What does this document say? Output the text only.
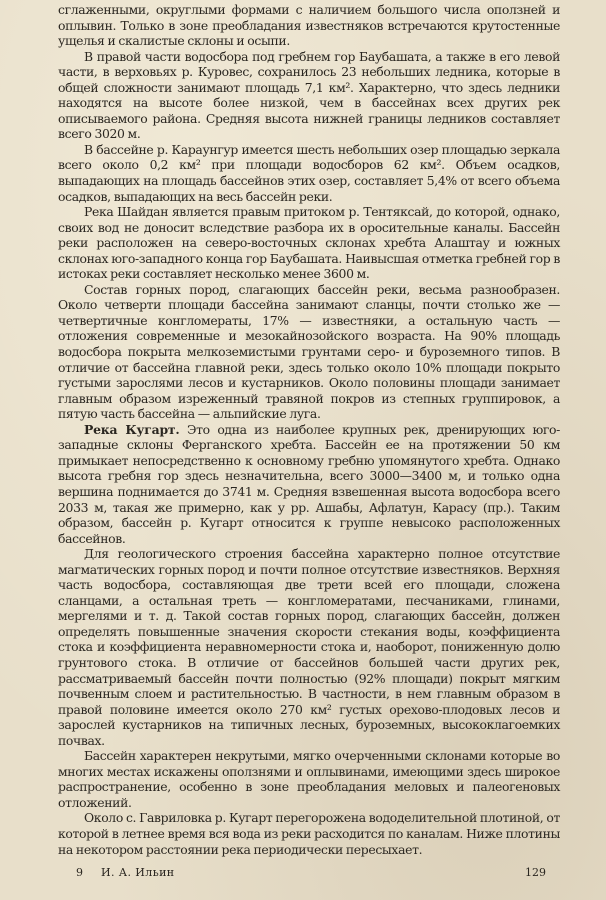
сглаженными, округлыми формами с наличием большого числа оползней и оплывин. Только в зоне преобладания известняков встречаются крутостенные ущелья и скалистые склоны и осыпи.

В правой части водосбора под гребнем гор Баубашата, а также в его левой части, в верховьях р. Куровес, сохранилось 23 небольших ледника, которые в общей сложности занимают площадь 7,1 км². Характерно, что здесь ледники находятся на высоте более низкой, чем в бассейнах всех других рек описываемого района. Средняя высота нижней границы ледников составляет всего 3020 м.

В бассейне р. Караунгур имеется шесть небольших озер площадью зеркала всего около 0,2 км² при площади водосборов 62 км². Объем осадков, выпадающих на площадь бассейнов этих озер, составляет 5,4% от всего объема осадков, выпадающих на весь бассейн реки.

Река Шайдан является правым притоком р. Тентяксай, до которой, однако, своих вод не доносит вследствие разбора их в оросительные каналы. Бассейн реки расположен на северо-восточных склонах хребта Алаштау и южных склонах юго-западного конца гор Баубашата. Наивысшая отметка гребней гор в истоках реки составляет несколько менее 3600 м.

Состав горных пород, слагающих бассейн реки, весьма разнообразен. Около четверти площади бассейна занимают сланцы, почти столько же — четвертичные конгломераты, 17% — известняки, а остальную часть — отложения современные и мезокайнозойского возраста. На 90% площадь водосбора покрыта мелкоземистыми грунтами серо- и буроземного типов. В отличие от бассейна главной реки, здесь только около 10% площади покрыто густыми зарослями лесов и кустарников. Около половины площади занимает главным образом изреженный травяной покров из степных группировок, а пятую часть бассейна — альпийские луга.

Река Кугарт. Это одна из наиболее крупных рек, дренирующих юго-западные склоны Ферганского хребта. Бассейн ее на протяжении 50 км примыкает непосредственно к основному гребню упомянутого хребта. Однако высота гребня гор здесь незначительна, всего 3000—3400 м, и только одна вершина поднимается до 3741 м. Средняя взвешенная высота водосбора всего 2033 м, такая же примерно, как у рр. Ашабы, Афлатун, Карасу (пр.). Таким образом, бассейн р. Кугарт относится к группе невысоко расположенных бассейнов.

Для геологического строения бассейна характерно полное отсутствие магматических горных пород и почти полное отсутствие известняков. Верхняя часть водосбора, составляющая две трети всей его площади, сложена сланцами, а остальная треть — конгломератами, песчаниками, глинами, мергелями и т. д. Такой состав горных пород, слагающих бассейн, должен определять повышенные значения скорости стекания воды, коэффициента стока и коэффициента неравномерности стока и, наоборот, пониженную долю грунтового стока. В отличие от бассейнов большей части других рек, рассматриваемый бассейн почти полностью (92% площади) покрыт мягким почвенным слоем и растительностью. В частности, в нем главным образом в правой половине имеется около 270 км² густых орехово-плодовых лесов и зарослей кустарников на типичных лесных, буроземных, высококлагоемких почвах.

Бассейн характерен некрутыми, мягко очерченными склонами которые во многих местах искажены оползнями и оплывинами, имеющими здесь широкое распространение, особенно в зоне преобладания меловых и палеогеновых отложений.

Около с. Гавриловка р. Кугарт перегорожена вододелительной плотиной, от которой в летнее время вся вода из реки расходится по каналам. Ниже плотины на некотором расстоянии река периодически пересыхает.

9 И. А. Ильин	129
